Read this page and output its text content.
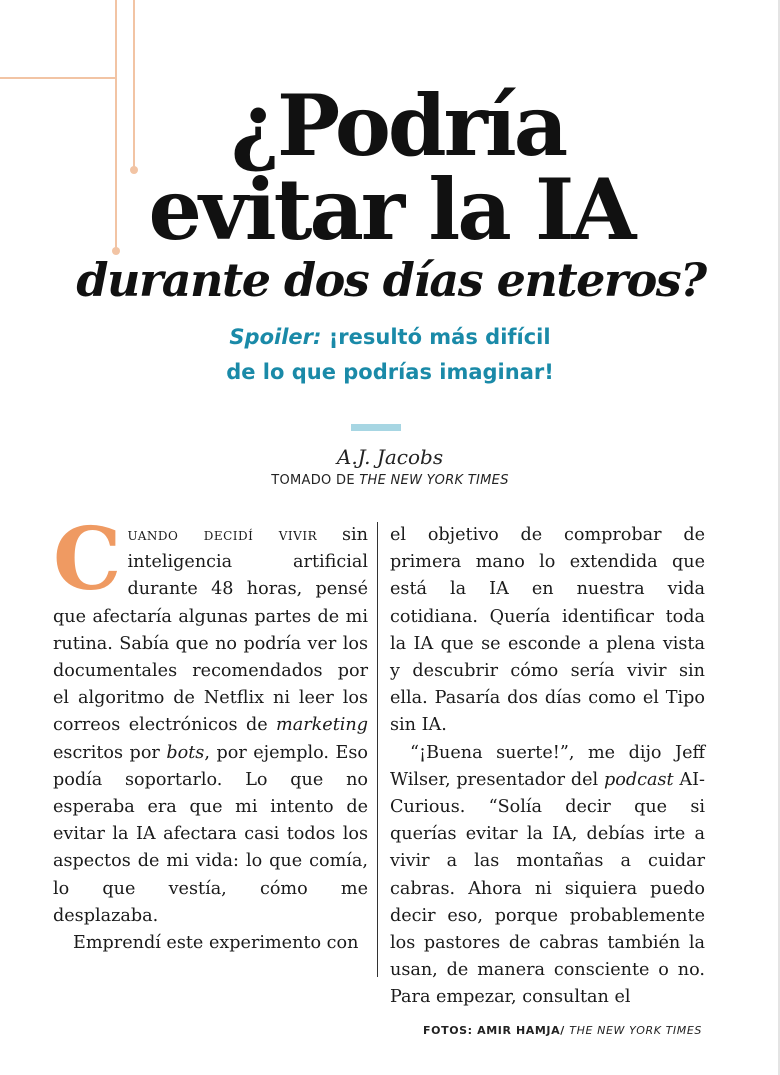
¿Podría
evitar la IA
durante dos días enteros?
Spoiler: ¡resultó más difícil
de lo que podrías imaginar!
A.J. Jacobs
TOMADO DE THE NEW YORK TIMES

Cuando decidí vivir sin inteligencia artificial durante 48 horas, pensé que afectaría algunas partes de mi rutina. Sabía que no podría ver los documentales recomendados por el algoritmo de Netflix ni leer los correos electrónicos de marketing escritos por bots, por ejemplo. Eso podía soportarlo. Lo que no esperaba era que mi intento de evitar la IA afectara casi todos los aspectos de mi vida: lo que comía, lo que vestía, cómo me desplazaba.

Emprendí este experimento con

el objetivo de comprobar de primera mano lo extendida que está la IA en nuestra vida cotidiana. Quería identificar toda la IA que se esconde a plena vista y descubrir cómo sería vivir sin ella. Pasaría dos días como el Tipo sin IA.

“¡Buena suerte!”, me dijo Jeff Wilser, presentador del podcast AI-Curious. “Solía decir que si querías evitar la IA, debías irte a vivir a las montañas a cuidar cabras. Ahora ni siquiera puedo decir eso, porque probablemente los pastores de cabras también la usan, de manera consciente o no. Para empezar, consultan el

FOTOS: AMIR HAMJA/ THE NEW YORK TIMES
